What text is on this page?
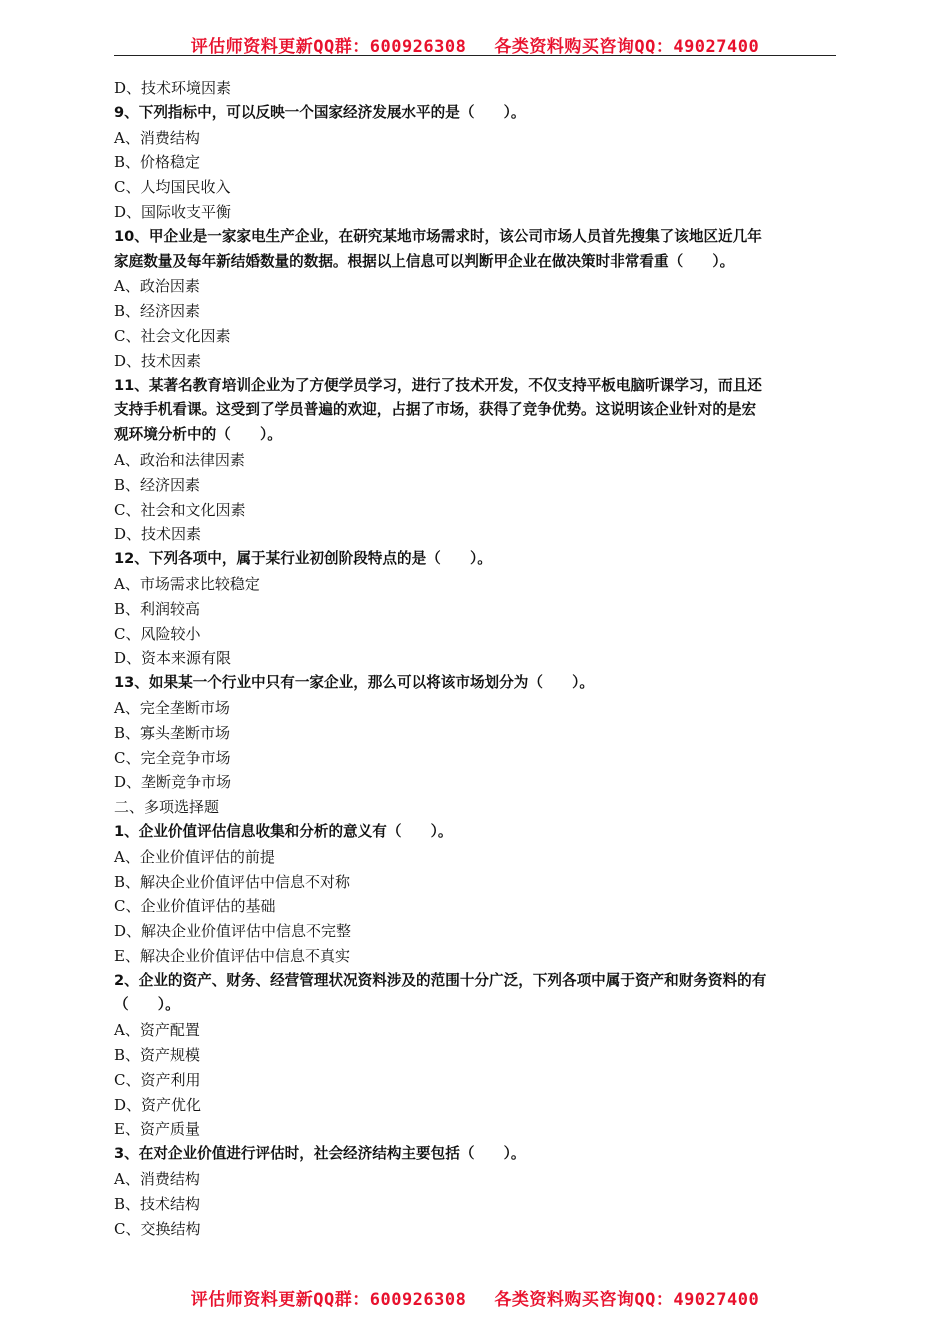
评估师资料更新QQ群：600926308 各类资料购买咨询QQ：49027400
D、技术环境因素
9、下列指标中，可以反映一个国家经济发展水平的是（　　）。
A、消费结构
B、价格稳定
C、人均国民收入
D、国际收支平衡
10、甲企业是一家家电生产企业，在研究某地市场需求时，该公司市场人员首先搜集了该地区近几年
家庭数量及每年新结婚数量的数据。根据以上信息可以判断甲企业在做决策时非常看重（　　）。
A、政治因素
B、经济因素
C、社会文化因素
D、技术因素
11、某著名教育培训企业为了方便学员学习，进行了技术开发，不仅支持平板电脑听课学习，而且还
支持手机看课。这受到了学员普遍的欢迎，占据了市场，获得了竞争优势。这说明该企业针对的是宏
观环境分析中的（　　）。
A、政治和法律因素
B、经济因素
C、社会和文化因素
D、技术因素
12、下列各项中，属于某行业初创阶段特点的是（　　）。
A、市场需求比较稳定
B、利润较高
C、风险较小
D、资本来源有限
13、如果某一个行业中只有一家企业，那么可以将该市场划分为（　　）。
A、完全垄断市场
B、寡头垄断市场
C、完全竞争市场
D、垄断竞争市场
二、多项选择题
1、企业价值评估信息收集和分析的意义有（　　）。
A、企业价值评估的前提
B、解决企业价值评估中信息不对称
C、企业价值评估的基础
D、解决企业价值评估中信息不完整
E、解决企业价值评估中信息不真实
2、企业的资产、财务、经营管理状况资料涉及的范围十分广泛，下列各项中属于资产和财务资料的有
（　　）。
A、资产配置
B、资产规模
C、资产利用
D、资产优化
E、资产质量
3、在对企业价值进行评估时，社会经济结构主要包括（　　）。
A、消费结构
B、技术结构
C、交换结构
评估师资料更新QQ群：600926308 各类资料购买咨询QQ：49027400
